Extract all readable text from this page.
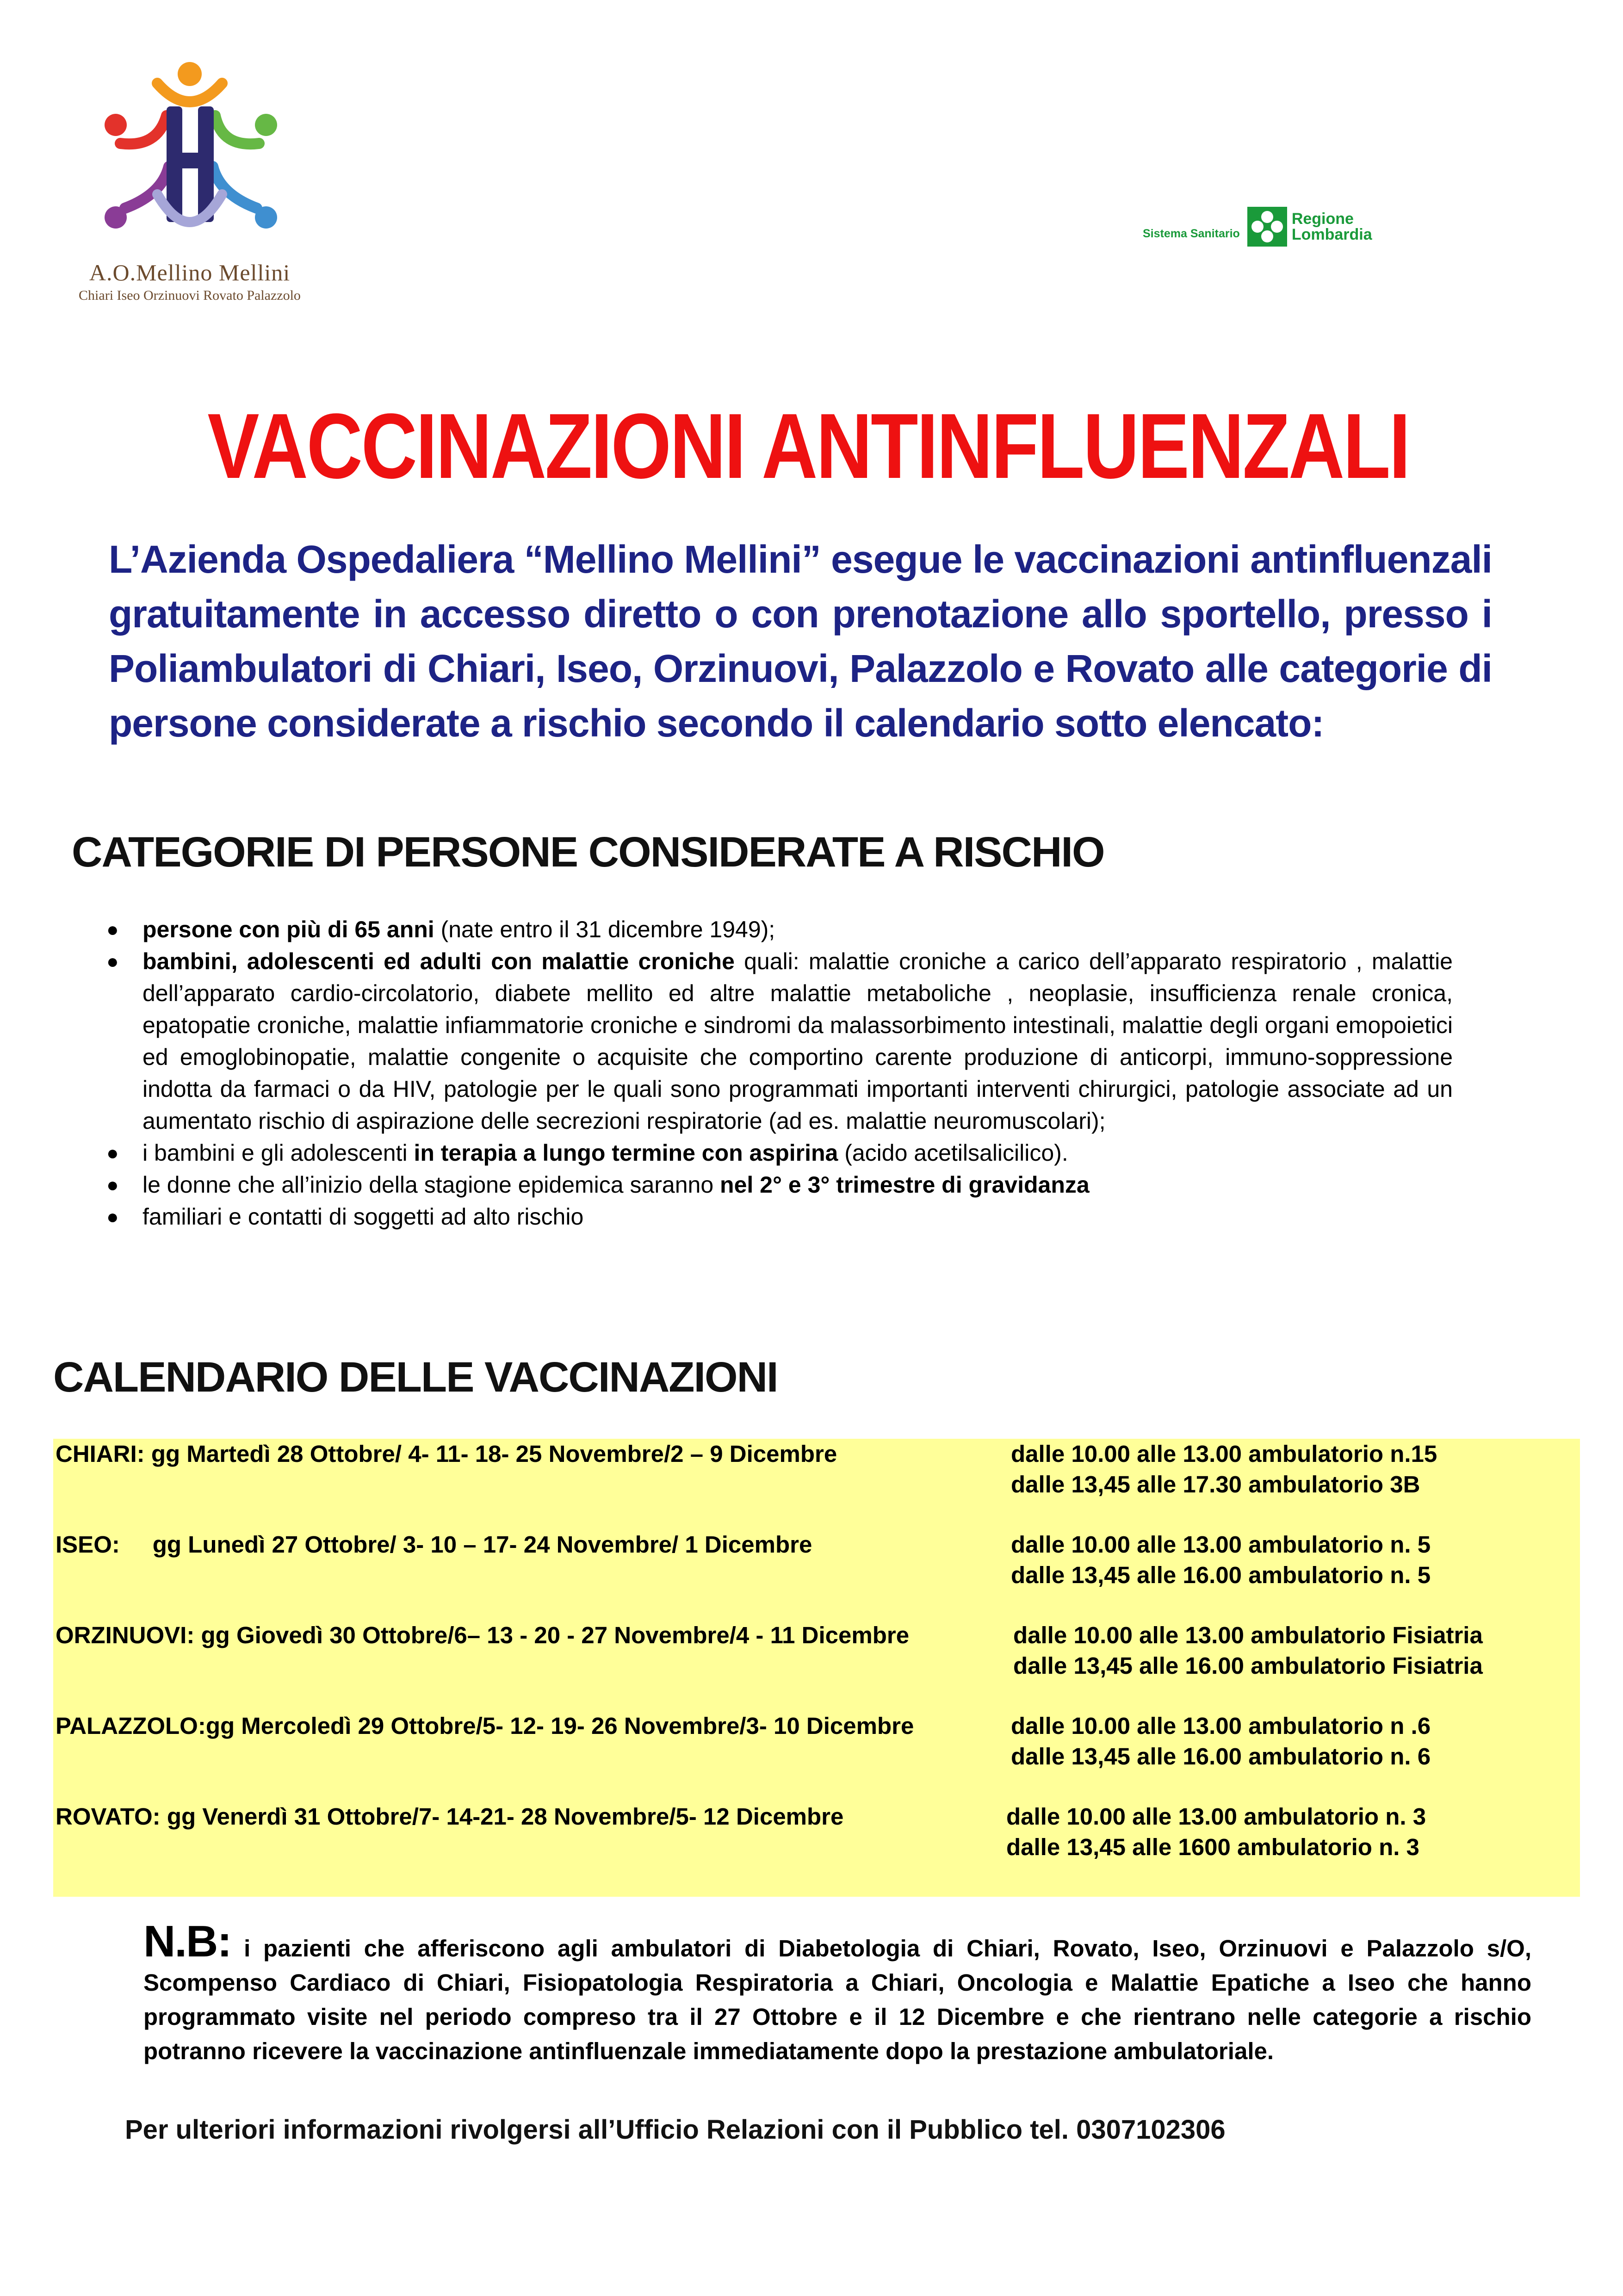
A.O.Mellino Mellini
Chiari Iseo Orzinuovi Rovato Palazzolo
Sistema Sanitario
Regione
Lombardia
VACCINAZIONI ANTINFLUENZALI
L’Azienda Ospedaliera “Mellino Mellini” esegue le vaccinazioni antinfluenzali gratuitamente in accesso diretto o con prenotazione allo sportello, presso i Poliambulatori di Chiari, Iseo, Orzinuovi, Palazzolo e Rovato alle categorie di persone considerate a rischio secondo il calendario sotto elencato:
CATEGORIE DI PERSONE CONSIDERATE A RISCHIO
● persone con più di 65 anni (nate entro il 31 dicembre 1949);
● bambini, adolescenti ed adulti con malattie croniche quali: malattie croniche a carico dell’apparato respiratorio , malattie dell’apparato cardio-circolatorio, diabete mellito ed altre malattie metaboliche , neoplasie, insufficienza renale cronica, epatopatie croniche, malattie infiammatorie croniche e sindromi da malassorbimento intestinali, malattie degli organi emopoietici ed emoglobinopatie, malattie congenite o acquisite che comportino carente produzione di anticorpi, immuno-soppressione indotta da farmaci o da HIV, patologie per le quali sono programmati importanti interventi chirurgici, patologie associate ad un aumentato rischio di aspirazione delle secrezioni respiratorie (ad es. malattie neuromuscolari);
● i bambini e gli adolescenti in terapia a lungo termine con aspirina (acido acetilsalicilico).
● le donne che all’inizio della stagione epidemica saranno nel 2° e 3° trimestre di gravidanza
● familiari e contatti di soggetti ad alto rischio
CALENDARIO DELLE VACCINAZIONI
CHIARI: gg Martedì 28 Ottobre/ 4- 11- 18- 25 Novembre/2 – 9 Dicembre	dalle 10.00 alle 13.00 ambulatorio n.15
dalle 13,45 alle 17.30 ambulatorio 3B
ISEO:     gg Lunedì 27 Ottobre/ 3- 10 – 17- 24 Novembre/ 1 Dicembre	dalle 10.00 alle 13.00 ambulatorio n. 5
dalle 13,45 alle 16.00 ambulatorio n. 5
ORZINUOVI: gg Giovedì 30 Ottobre/6– 13 - 20 - 27 Novembre/4 - 11 Dicembre	dalle 10.00 alle 13.00 ambulatorio Fisiatria
dalle 13,45 alle 16.00 ambulatorio Fisiatria
PALAZZOLO:gg Mercoledì 29 Ottobre/5- 12- 19- 26 Novembre/3- 10 Dicembre	dalle 10.00 alle 13.00 ambulatorio n .6
dalle 13,45 alle 16.00 ambulatorio n. 6
ROVATO: gg Venerdì 31 Ottobre/7- 14-21- 28 Novembre/5- 12 Dicembre	dalle 10.00 alle 13.00 ambulatorio n. 3
dalle 13,45 alle 1600 ambulatorio n. 3
N.B: i pazienti che afferiscono agli ambulatori di Diabetologia di Chiari, Rovato, Iseo, Orzinuovi e Palazzolo s/O, Scompenso Cardiaco di Chiari, Fisiopatologia Respiratoria a Chiari, Oncologia e Malattie Epatiche a Iseo che hanno programmato visite nel periodo compreso tra il 27 Ottobre e il 12 Dicembre e che rientrano nelle categorie a rischio potranno ricevere la vaccinazione antinfluenzale immediatamente dopo la prestazione ambulatoriale.
Per ulteriori informazioni rivolgersi all’Ufficio Relazioni con il Pubblico tel. 0307102306
